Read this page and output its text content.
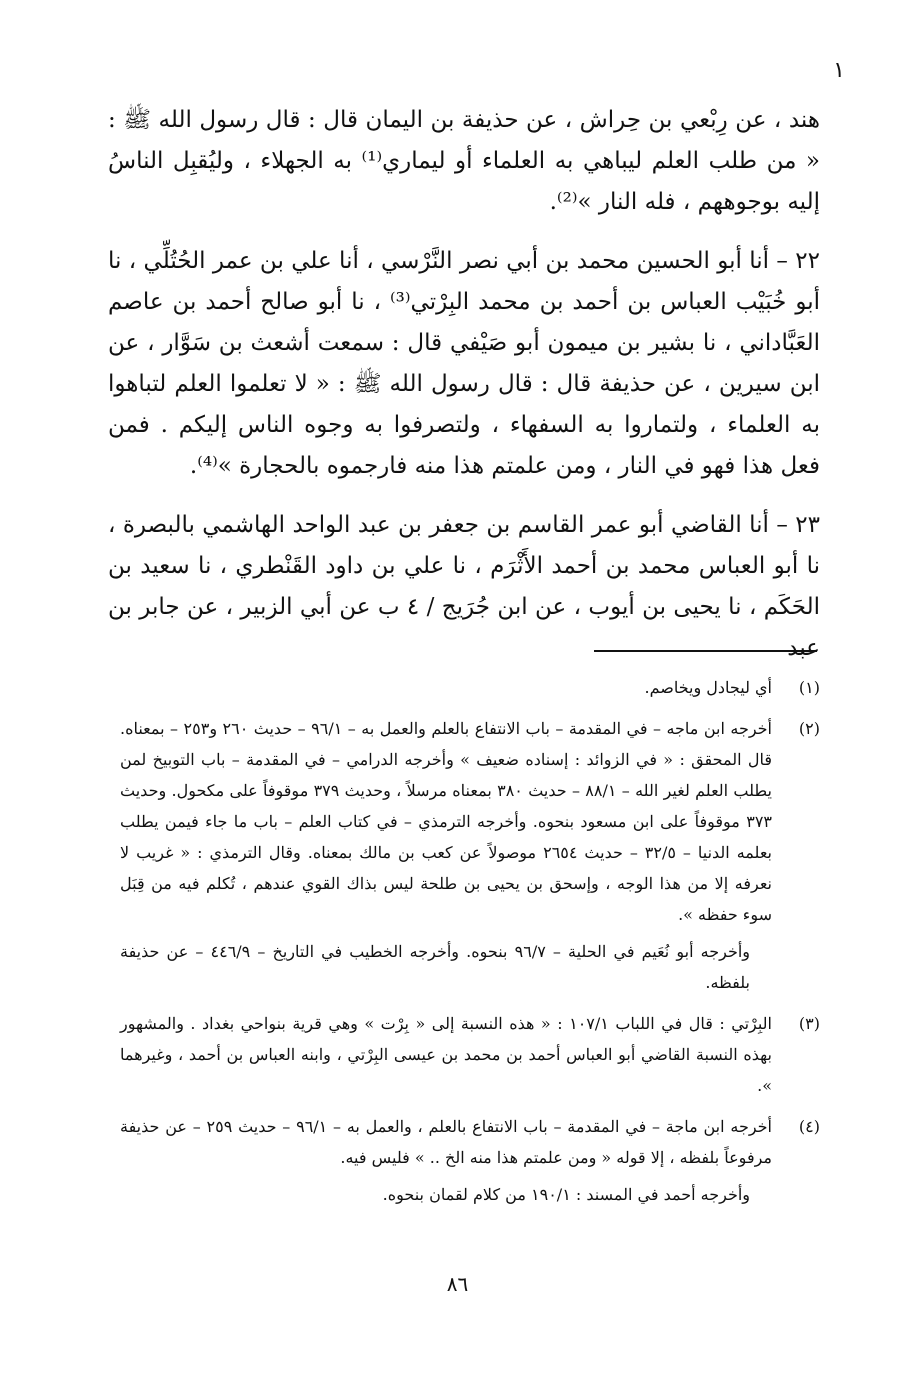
١

هند ، عن رِبْعي بن حِراش ، عن حذيفة بن اليمان قال : قال رسول الله ﷺ : « من طلب العلم ليباهي به العلماء أو ليماري⁽¹⁾ به الجهلاء ، وليُقبِل الناسُ إليه بوجوههم ، فله النار »⁽²⁾.

٢٢ – أنا أبو الحسين محمد بن أبي نصر النَّرْسي ، أنا علي بن عمر الحُتُلِّي ، نا أبو خُبَيْب العباس بن أحمد بن محمد البِرْتي⁽³⁾ ، نا أبو صالح أحمد بن عاصم العَبَّاداني ، نا بشير بن ميمون أبو صَيْفي قال : سمعت أشعث بن سَوَّار ، عن ابن سيرين ، عن حذيفة قال : قال رسول الله ﷺ : « لا تعلموا العلم لتباهوا به العلماء ، ولتماروا به السفهاء ، ولتصرفوا به وجوه الناس إليكم . فمن فعل هذا فهو في النار ، ومن علمتم هذا منه فارجموه بالحجارة »⁽⁴⁾.

٢٣ – أنا القاضي أبو عمر القاسم بن جعفر بن عبد الواحد الهاشمي بالبصرة ، نا أبو العباس محمد بن أحمد الأَثْرَم ، نا علي بن داود القَنْطري ، نا سعيد بن الحَكَم ، نا يحيى بن أيوب ، عن ابن جُرَيج / ٤ ب عن أبي الزبير ، عن جابر بن عبد

(١)

أي ليجادل ويخاصم.

(٢)

أخرجه ابن ماجه – في المقدمة – باب الانتفاع بالعلم والعمل به – ٩٦/١ – حديث ٢٦٠ و٢٥٣ – بمعناه. قال المحقق : « في الزوائد : إسناده ضعيف » وأخرجه الدرامي – في المقدمة – باب التوبيخ لمن يطلب العلم لغير الله – ٨٨/١ – حديث ٣٨٠ بمعناه مرسلاً ، وحديث ٣٧٩ موقوفاً على مكحول. وحديث ٣٧٣ موقوفاً على ابن مسعود بنحوه. وأخرجه الترمذي – في كتاب العلم – باب ما جاء فيمن يطلب بعلمه الدنيا – ٣٢/٥ – حديث ٢٦٥٤ موصولاً عن كعب بن مالك بمعناه. وقال الترمذي : « غريب لا نعرفه إلا من هذا الوجه ، وإسحق بن يحيى بن طلحة ليس بذاك القوي عندهم ، تُكلم فيه من قِبَل سوء حفظه ».

وأخرجه أبو نُعَيم في الحلية – ٩٦/٧ بنحوه. وأخرجه الخطيب في التاريخ – ٤٤٦/٩ – عن حذيفة بلفظه.

(٣)

البِرْتي : قال في اللباب ١٠٧/١ : « هذه النسبة إلى « بِرْت » وهي قرية بنواحي بغداد . والمشهور بهذه النسبة القاضي أبو العباس أحمد بن محمد بن عيسى البِرْتي ، وابنه العباس بن أحمد ، وغيرهما ».

(٤)

أخرجه ابن ماجة – في المقدمة – باب الانتفاع بالعلم ، والعمل به – ٩٦/١ – حديث ٢٥٩ – عن حذيفة مرفوعاً بلفظه ، إلا قوله « ومن علمتم هذا منه الخ .. » فليس فيه.

وأخرجه أحمد في المسند : ١٩٠/١ من كلام لقمان بنحوه.

٨٦
